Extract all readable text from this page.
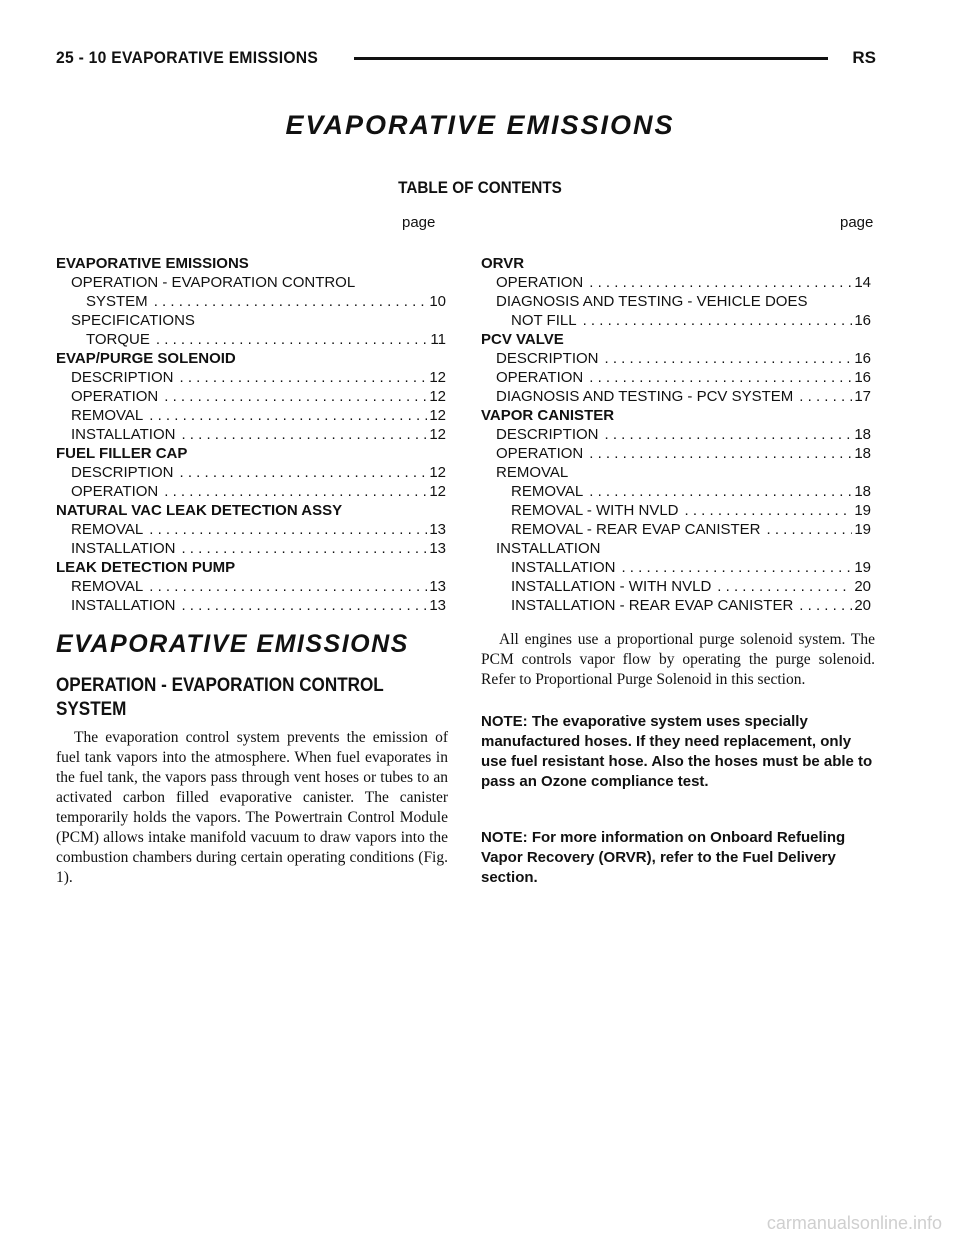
25 - 10 EVAPORATIVE EMISSIONS	RS
EVAPORATIVE EMISSIONS
TABLE OF CONTENTS
page	page
EVAPORATIVE EMISSIONS
OPERATION - EVAPORATION CONTROL
SYSTEM . . .	10
SPECIFICATIONS
TORQUE . . .	11
EVAP/PURGE SOLENOID
DESCRIPTION . . .	12
OPERATION . . .	12
REMOVAL . . .	12
INSTALLATION . . .	12
FUEL FILLER CAP
DESCRIPTION . . .	12
OPERATION . . .	12
NATURAL VAC LEAK DETECTION ASSY
REMOVAL . . .	13
INSTALLATION . . .	13
LEAK DETECTION PUMP
REMOVAL . . .	13
INSTALLATION . . .	13
ORVR
OPERATION . . .	14
DIAGNOSIS AND TESTING - VEHICLE DOES
NOT FILL . . .	16
PCV VALVE
DESCRIPTION . . .	16
OPERATION . . .	16
DIAGNOSIS AND TESTING - PCV SYSTEM . . .	17
VAPOR CANISTER
DESCRIPTION . . .	18
OPERATION . . .	18
REMOVAL
REMOVAL . . .	18
REMOVAL - WITH NVLD . . .	19
REMOVAL - REAR EVAP CANISTER . . .	19
INSTALLATION
INSTALLATION . . .	19
INSTALLATION - WITH NVLD . . .	20
INSTALLATION - REAR EVAP CANISTER . . .	20
EVAPORATIVE EMISSIONS
OPERATION - EVAPORATION CONTROL SYSTEM
The evaporation control system prevents the emission of fuel tank vapors into the atmosphere. When fuel evaporates in the fuel tank, the vapors pass through vent hoses or tubes to an activated carbon filled evaporative canister. The canister temporarily holds the vapors. The Powertrain Control Module (PCM) allows intake manifold vacuum to draw vapors into the combustion chambers during certain operating conditions (Fig. 1).
All engines use a proportional purge solenoid system. The PCM controls vapor flow by operating the purge solenoid. Refer to Proportional Purge Solenoid in this section.
NOTE: The evaporative system uses specially manufactured hoses. If they need replacement, only use fuel resistant hose. Also the hoses must be able to pass an Ozone compliance test.
NOTE: For more information on Onboard Refueling Vapor Recovery (ORVR), refer to the Fuel Delivery section.
carmanualsonline.info
